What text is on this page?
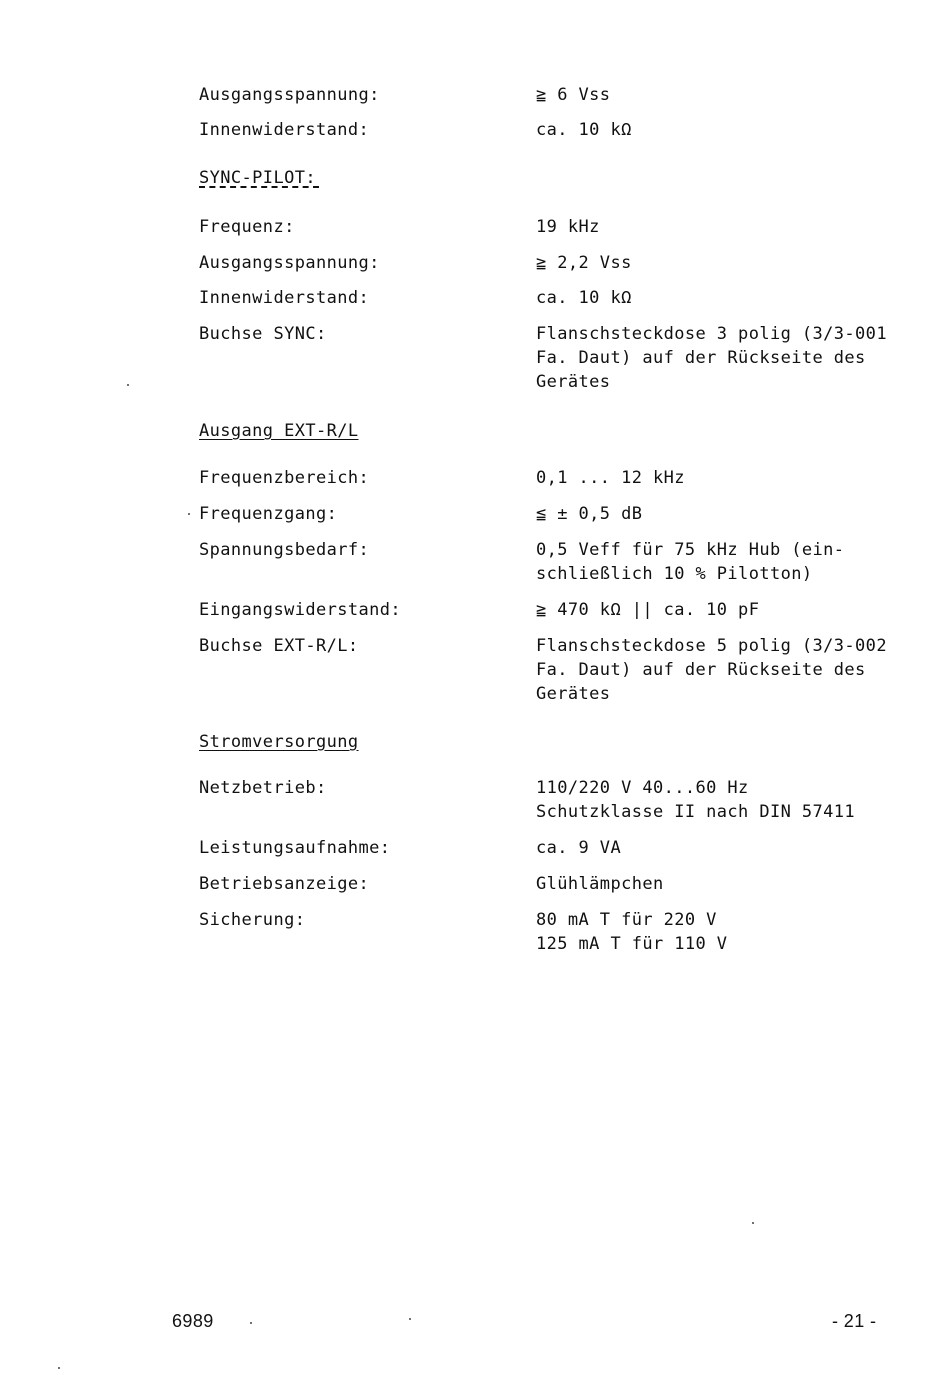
Ausgangsspannung:	≧ 6 Vss
Innenwiderstand:	ca. 10 kΩ
SYNC-PILOT:
Frequenz:	19 kHz
Ausgangsspannung:	≧ 2,2 Vss
Innenwiderstand:	ca. 10 kΩ
Buchse SYNC:	Flanschsteckdose 3 polig (3/3-001
Fa. Daut) auf der Rückseite des
Gerätes
Ausgang EXT-R/L
Frequenzbereich:	0,1 ... 12 kHz
Frequenzgang:	≦ ± 0,5 dB
Spannungsbedarf:	0,5 Veff für 75 kHz Hub (ein-
schließlich 10 % Pilotton)
Eingangswiderstand:	≧ 470 kΩ || ca. 10 pF
Buchse EXT-R/L:	Flanschsteckdose 5 polig (3/3-002
Fa. Daut) auf der Rückseite des
Gerätes
Stromversorgung
Netzbetrieb:	110/220 V 40...60 Hz
Schutzklasse II nach DIN 57411
Leistungsaufnahme:	ca. 9 VA
Betriebsanzeige:	Glühlämpchen
Sicherung:	80 mA T für 220 V
125 mA T für 110 V
6989	- 21 -
